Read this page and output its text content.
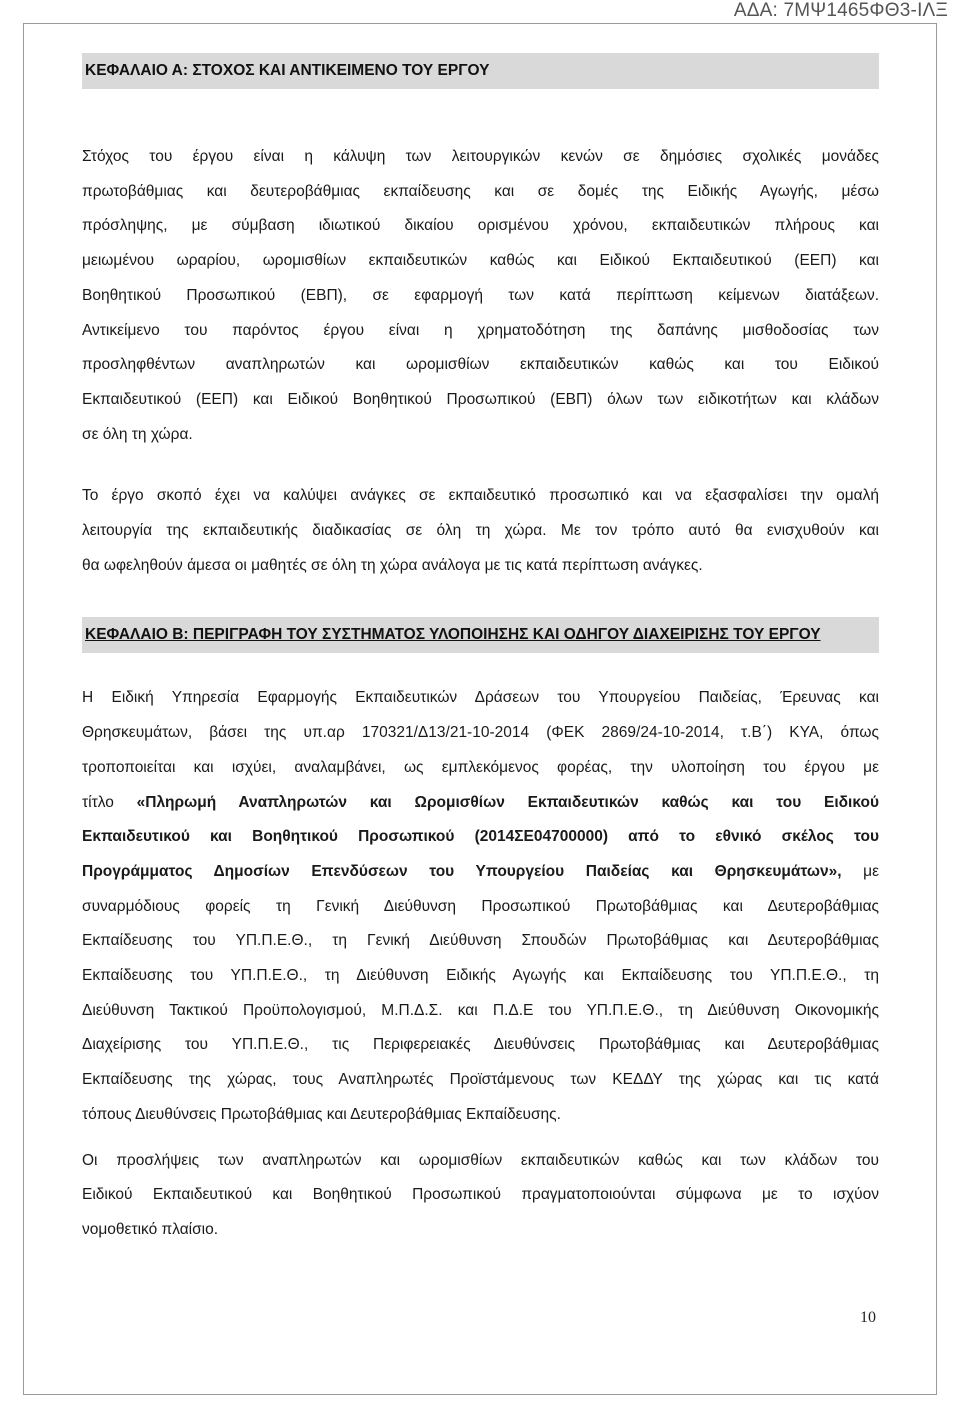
ΑΔΑ: 7ΜΨ1465ΦΘ3-ΙΛΞ
ΚΕΦΑΛΑΙΟ Α: ΣΤΟΧΟΣ ΚΑΙ ΑΝΤΙΚΕΙΜΕΝΟ ΤΟΥ ΕΡΓΟΥ

Στόχος του έργου είναι η κάλυψη των λειτουργικών κενών σε δημόσιες σχολικές μονάδες
πρωτοβάθμιας και δευτεροβάθμιας εκπαίδευσης και σε δομές της Ειδικής Αγωγής, μέσω
πρόσληψης, με σύμβαση ιδιωτικού δικαίου ορισμένου χρόνου, εκπαιδευτικών πλήρους και
μειωμένου ωραρίου, ωρομισθίων εκπαιδευτικών καθώς και Ειδικού Εκπαιδευτικού (ΕΕΠ) και
Βοηθητικού Προσωπικού (ΕΒΠ), σε εφαρμογή των κατά περίπτωση κείμενων διατάξεων.
Αντικείμενο του παρόντος έργου είναι η χρηματοδότηση της δαπάνης μισθοδοσίας των
προσληφθέντων αναπληρωτών και ωρομισθίων εκπαιδευτικών καθώς και του Ειδικού
Εκπαιδευτικού (ΕΕΠ) και Ειδικού Βοηθητικού Προσωπικού (ΕΒΠ) όλων των ειδικοτήτων και κλάδων
σε όλη τη χώρα.

Το έργο σκοπό έχει να καλύψει ανάγκες σε εκπαιδευτικό προσωπικό και να εξασφαλίσει την ομαλή
λειτουργία της εκπαιδευτικής διαδικασίας σε όλη τη χώρα. Με τον τρόπο αυτό θα ενισχυθούν και
θα ωφεληθούν άμεσα οι μαθητές σε όλη τη χώρα ανάλογα με τις κατά περίπτωση ανάγκες.

ΚΕΦΑΛΑΙΟ Β: ΠΕΡΙΓΡΑΦΗ ΤΟΥ ΣΥΣΤΗΜΑΤΟΣ ΥΛΟΠΟΙΗΣΗΣ ΚΑΙ ΟΔΗΓΟΥ ΔΙΑΧΕΙΡΙΣΗΣ ΤΟΥ ΕΡΓΟΥ

Η Ειδική Υπηρεσία Εφαρμογής Εκπαιδευτικών Δράσεων του Υπουργείου Παιδείας, Έρευνας και
Θρησκευμάτων, βάσει της υπ.αρ 170321/Δ13/21-10-2014 (ΦΕΚ 2869/24-10-2014, τ.Β΄) ΚΥΑ, όπως
τροποποιείται και ισχύει, αναλαμβάνει, ως εμπλεκόμενος φορέας, την υλοποίηση του έργου με
τίτλο «Πληρωμή Αναπληρωτών και Ωρομισθίων Εκπαιδευτικών καθώς και του Ειδικού
Εκπαιδευτικού και Βοηθητικού Προσωπικού (2014ΣΕ04700000) από το εθνικό σκέλος του
Προγράμματος Δημοσίων Επενδύσεων του Υπουργείου Παιδείας και Θρησκευμάτων», με
συναρμόδιους φορείς τη Γενική Διεύθυνση Προσωπικού Πρωτοβάθμιας και Δευτεροβάθμιας
Εκπαίδευσης του ΥΠ.Π.Ε.Θ., τη Γενική Διεύθυνση Σπουδών Πρωτοβάθμιας και Δευτεροβάθμιας
Εκπαίδευσης του ΥΠ.Π.Ε.Θ., τη Διεύθυνση Ειδικής Αγωγής και Εκπαίδευσης του ΥΠ.Π.Ε.Θ., τη
Διεύθυνση Τακτικού Προϋπολογισμού, Μ.Π.Δ.Σ. και Π.Δ.Ε του ΥΠ.Π.Ε.Θ., τη Διεύθυνση Οικονομικής
Διαχείρισης του ΥΠ.Π.Ε.Θ., τις Περιφερειακές Διευθύνσεις Πρωτοβάθμιας και Δευτεροβάθμιας
Εκπαίδευσης της χώρας, τους Αναπληρωτές Προϊστάμενους των ΚΕΔΔΥ της χώρας και τις κατά
τόπους Διευθύνσεις Πρωτοβάθμιας και Δευτεροβάθμιας Εκπαίδευσης.

Οι προσλήψεις των αναπληρωτών και ωρομισθίων εκπαιδευτικών καθώς και των κλάδων του
Ειδικού Εκπαιδευτικού και Βοηθητικού Προσωπικού πραγματοποιούνται σύμφωνα με το ισχύον
νομοθετικό πλαίσιο.

10
